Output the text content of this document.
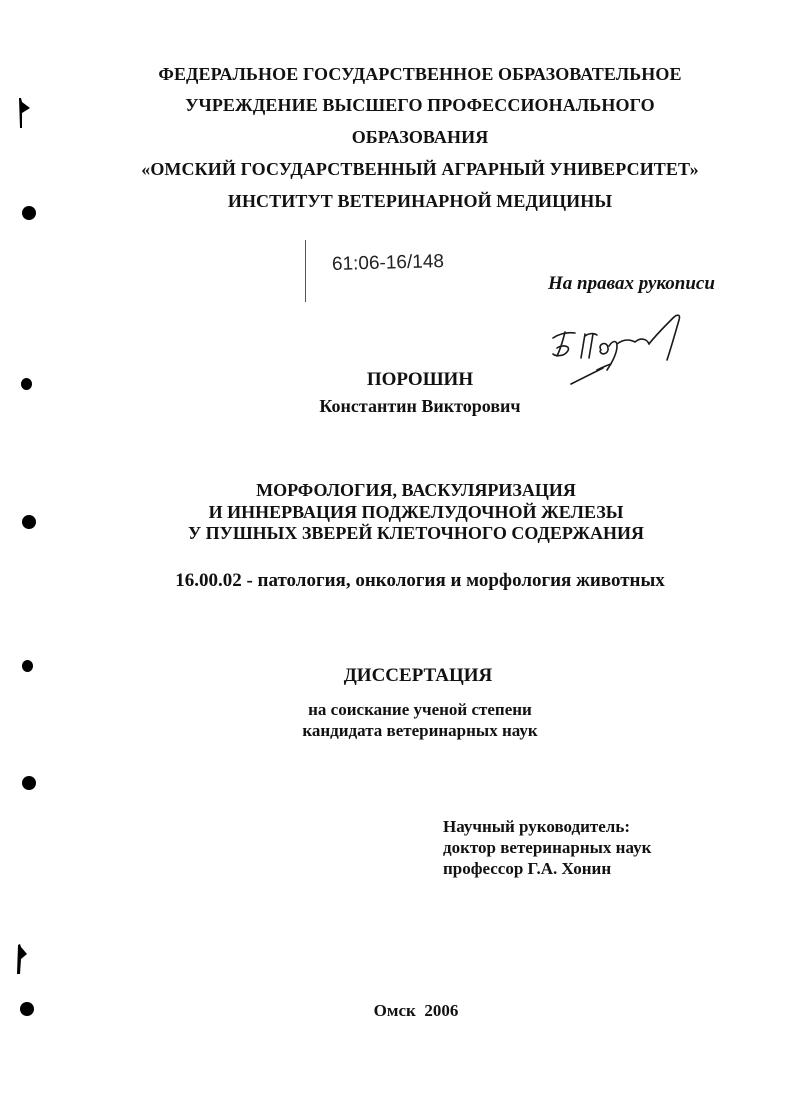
ФЕДЕРАЛЬНОЕ ГОСУДАРСТВЕННОЕ ОБРАЗОВАТЕЛЬНОЕ
УЧРЕЖДЕНИЕ ВЫСШЕГО ПРОФЕССИОНАЛЬНОГО
ОБРАЗОВАНИЯ
«ОМСКИЙ ГОСУДАРСТВЕННЫЙ АГРАРНЫЙ УНИВЕРСИТЕТ»
ИНСТИТУТ ВЕТЕРИНАРНОЙ МЕДИЦИНЫ
61:06-16/148
На правах рукописи
ПОРОШИН
Константин Викторович
МОРФОЛОГИЯ, ВАСКУЛЯРИЗАЦИЯ
И ИННЕРВАЦИЯ ПОДЖЕЛУДОЧНОЙ ЖЕЛЕЗЫ
У ПУШНЫХ ЗВЕРЕЙ КЛЕТОЧНОГО СОДЕРЖАНИЯ
16.00.02 - патология, онкология и морфология животных
ДИССЕРТАЦИЯ
на соискание ученой степени
кандидата ветеринарных наук
Научный руководитель:
доктор ветеринарных наук
профессор Г.А. Хонин
Омск  2006
